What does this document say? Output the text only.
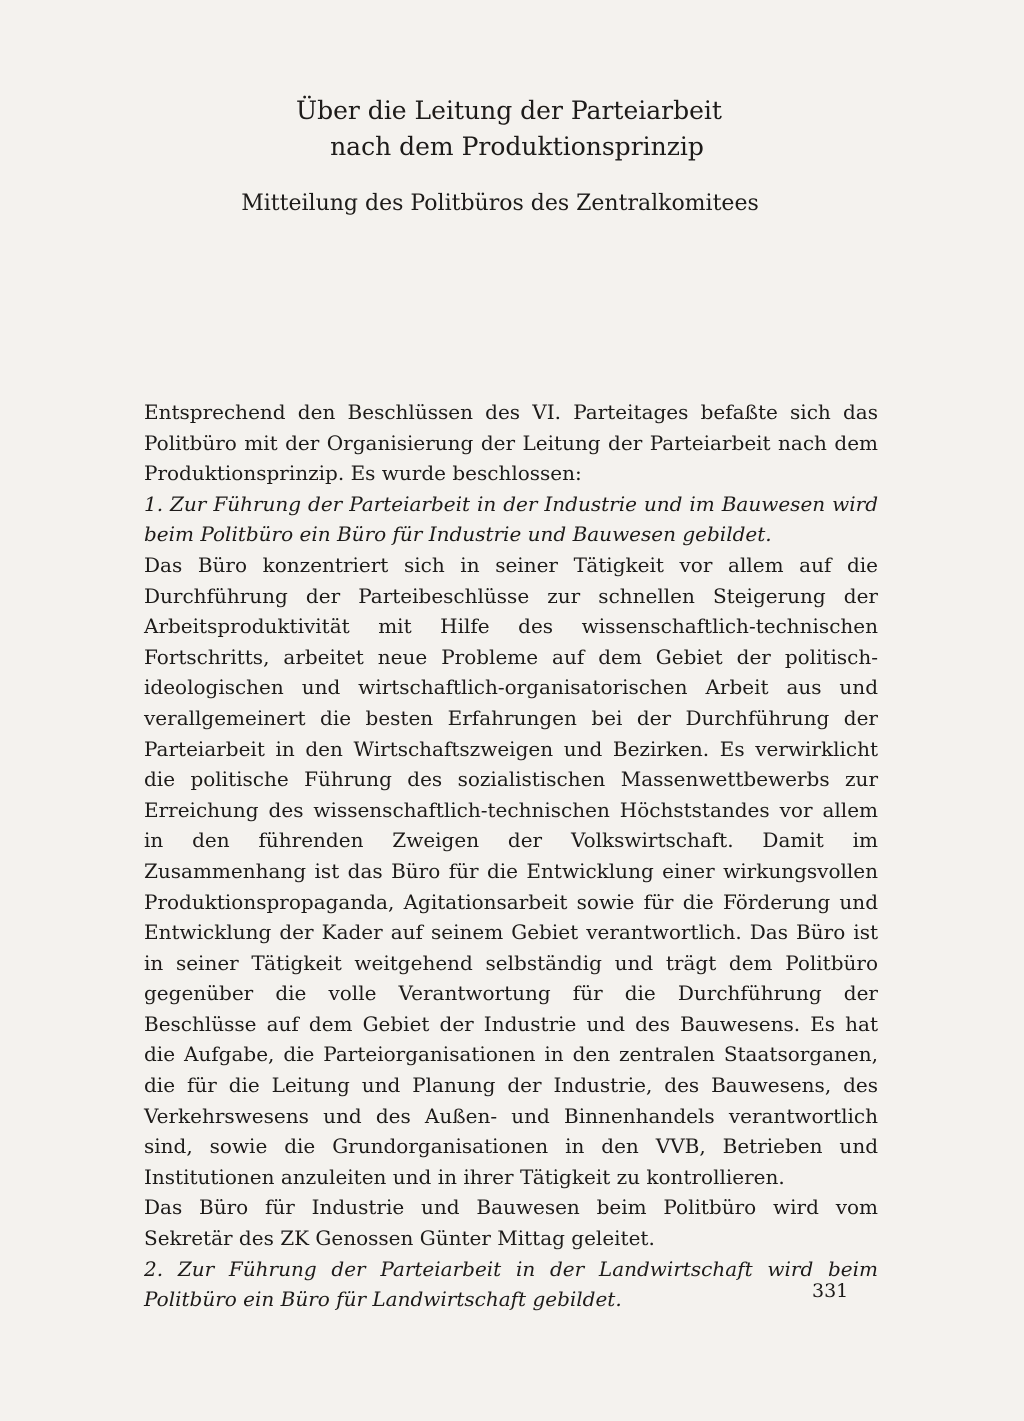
Über die Leitung der Parteiarbeit
nach dem Produktionsprinzip
Mitteilung des Politbüros des Zentralkomitees

Entsprechend den Beschlüssen des VI. Parteitages befaßte sich das Politbüro mit der Organisierung der Leitung der Parteiarbeit nach dem Produktionsprinzip. Es wurde beschlossen:

1. Zur Führung der Parteiarbeit in der Industrie und im Bauwesen wird beim Politbüro ein Büro für Industrie und Bauwesen gebildet.

Das Büro konzentriert sich in seiner Tätigkeit vor allem auf die Durchführung der Parteibeschlüsse zur schnellen Steigerung der Arbeitsproduktivität mit Hilfe des wissenschaftlich-technischen Fortschritts, arbeitet neue Probleme auf dem Gebiet der politisch-ideologischen und wirtschaftlich-organisatorischen Arbeit aus und verallgemeinert die besten Erfahrungen bei der Durchführung der Parteiarbeit in den Wirtschaftszweigen und Bezirken. Es verwirklicht die politische Führung des sozialistischen Massenwettbewerbs zur Erreichung des wissenschaftlich-technischen Höchststandes vor allem in den führenden Zweigen der Volkswirtschaft. Damit im Zusammenhang ist das Büro für die Entwicklung einer wirkungsvollen Produktionspropaganda, Agitationsarbeit sowie für die Förderung und Entwicklung der Kader auf seinem Gebiet verantwortlich. Das Büro ist in seiner Tätigkeit weitgehend selbständig und trägt dem Politbüro gegenüber die volle Verantwortung für die Durchführung der Beschlüsse auf dem Gebiet der Industrie und des Bauwesens. Es hat die Aufgabe, die Parteiorganisationen in den zentralen Staatsorganen, die für die Leitung und Planung der Industrie, des Bauwesens, des Verkehrswesens und des Außen- und Binnenhandels verantwortlich sind, sowie die Grundorganisationen in den VVB, Betrieben und Institutionen anzuleiten und in ihrer Tätigkeit zu kontrollieren.

Das Büro für Industrie und Bauwesen beim Politbüro wird vom Sekretär des ZK Genossen Günter Mittag geleitet.

2. Zur Führung der Parteiarbeit in der Landwirtschaft wird beim Politbüro ein Büro für Landwirtschaft gebildet.	331
